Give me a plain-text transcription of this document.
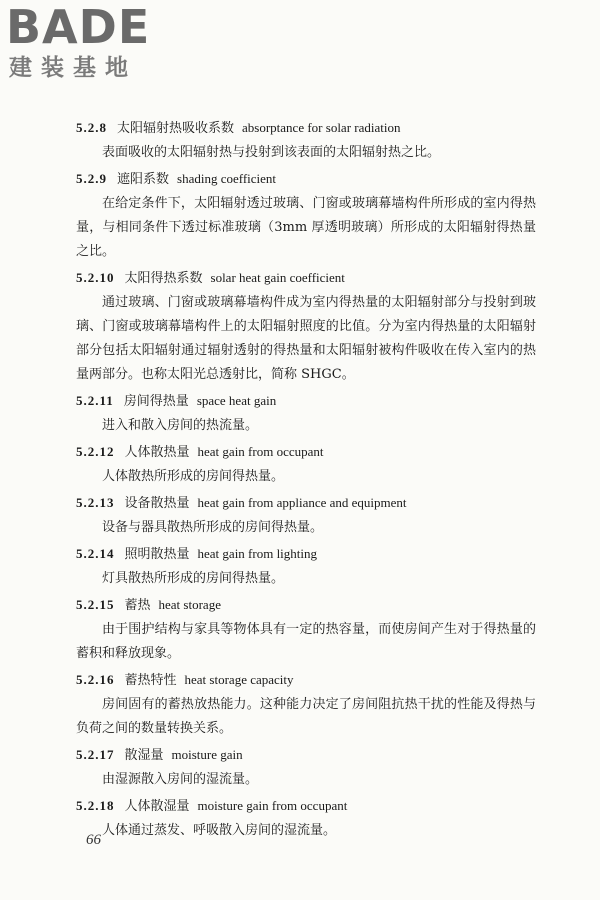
BADE
建装基地
5.2.8 太阳辐射热吸收系数 absorptance for solar radiation
表面吸收的太阳辐射热与投射到该表面的太阳辐射热之比。
5.2.9 遮阳系数 shading coefficient
在给定条件下，太阳辐射透过玻璃、门窗或玻璃幕墙构件所形成的室内得热量，与相同条件下透过标准玻璃（3mm 厚透明玻璃）所形成的太阳辐射得热量之比。
5.2.10 太阳得热系数 solar heat gain coefficient
通过玻璃、门窗或玻璃幕墙构件成为室内得热量的太阳辐射部分与投射到玻璃、门窗或玻璃幕墙构件上的太阳辐射照度的比值。分为室内得热量的太阳辐射部分包括太阳辐射通过辐射透射的得热量和太阳辐射被构件吸收在传入室内的热量两部分。也称太阳光总透射比，简称 SHGC。
5.2.11 房间得热量 space heat gain
进入和散入房间的热流量。
5.2.12 人体散热量 heat gain from occupant
人体散热所形成的房间得热量。
5.2.13 设备散热量 heat gain from appliance and equipment
设备与器具散热所形成的房间得热量。
5.2.14 照明散热量 heat gain from lighting
灯具散热所形成的房间得热量。
5.2.15 蓄热 heat storage
由于围护结构与家具等物体具有一定的热容量，而使房间产生对于得热量的蓄积和释放现象。
5.2.16 蓄热特性 heat storage capacity
房间固有的蓄热放热能力。这种能力决定了房间阻抗热干扰的性能及得热与负荷之间的数量转换关系。
5.2.17 散湿量 moisture gain
由湿源散入房间的湿流量。
5.2.18 人体散湿量 moisture gain from occupant
人体通过蒸发、呼吸散入房间的湿流量。
66
